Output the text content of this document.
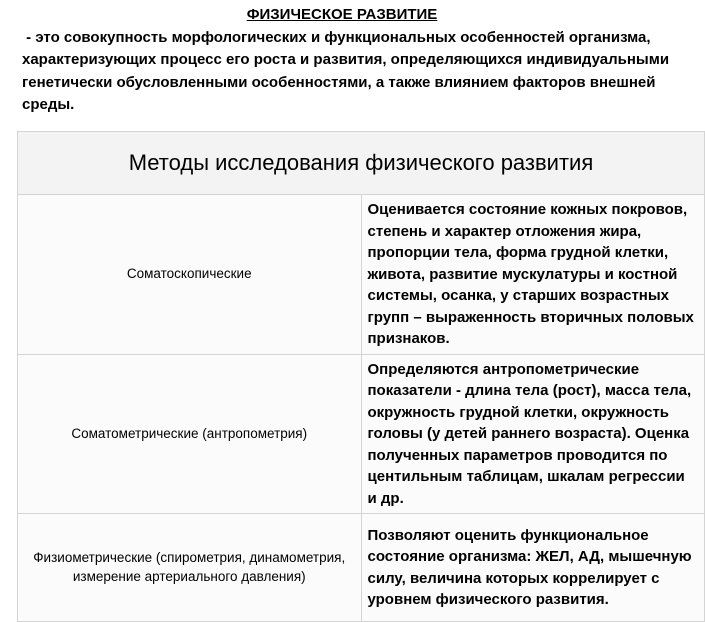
ФИЗИЧЕСКОЕ РАЗВИТИЕ
- это совокупность морфологических и функциональных особенностей организма, характеризующих процесс его роста и развития, определяющихся индивидуальными генетически обусловленными особенностями, а также влиянием факторов внешней среды.
Методы исследования физического развития	
Соматоскопические	Оценивается состояние кожных покровов, степень и характер отложения жира, пропорции тела, форма грудной клетки, живота, развитие мускулатуры и костной системы, осанка, у старших возрастных групп – выраженность вторичных половых признаков.
Соматометрические (антропометрия)	Определяются антропометрические показатели - длина тела (рост), масса тела, окружность грудной клетки, окружность головы (у детей раннего возраста). Оценка полученных параметров проводится по центильным таблицам, шкалам регрессии и др.
Физиометрические (спирометрия, динамометрия, измерение артериального давления)	Позволяют оценить функциональное состояние организма: ЖЕЛ, АД, мышечную силу, величина которых коррелирует с уровнем физического развития.
